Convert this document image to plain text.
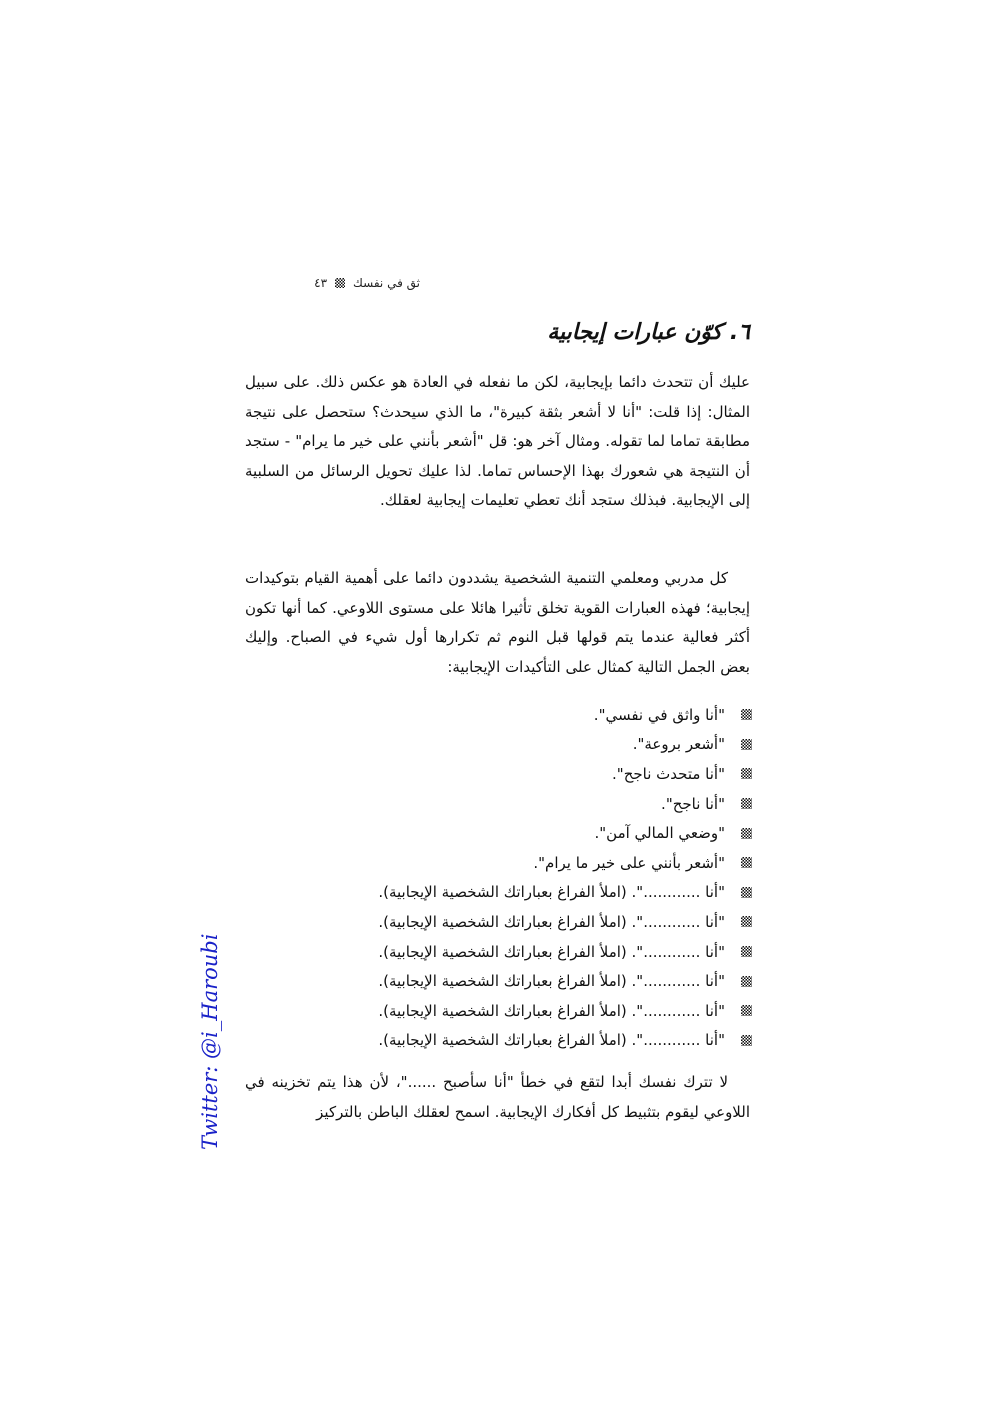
ثق في نفسك
٤٣
٦. كوّن عبارات إيجابية

عليك أن تتحدث دائما بإيجابية، لكن ما نفعله في العادة هو عكس ذلك. على سبيل المثال: إذا قلت: "أنا لا أشعر بثقة كبيرة"، ما الذي سيحدث؟ ستحصل على نتيجة مطابقة تماما لما تقوله. ومثال آخر هو: قل "أشعر بأنني على خير ما يرام" - ستجد أن النتيجة هي شعورك بهذا الإحساس تماما. لذا عليك تحويل الرسائل من السلبية إلى الإيجابية. فبذلك ستجد أنك تعطي تعليمات إيجابية لعقلك.

كل مدربي ومعلمي التنمية الشخصية يشددون دائما على أهمية القيام بتوكيدات إيجابية؛ فهذه العبارات القوية تخلق تأثيرا هائلا على مستوى اللاوعي. كما أنها تكون أكثر فعالية عندما يتم قولها قبل النوم ثم تكرارها أول شيء في الصباح. وإليك بعض الجمل التالية كمثال على التأكيدات الإيجابية:

"أنا واثق في نفسي".
"أشعر بروعة".
"أنا متحدث ناجح".
"أنا ناجح".
"وضعي المالي آمن".
"أشعر بأنني على خير ما يرام".
"أنا ............". (املأ الفراغ بعباراتك الشخصية الإيجابية).
"أنا ............". (املأ الفراغ بعباراتك الشخصية الإيجابية).
"أنا ............". (املأ الفراغ بعباراتك الشخصية الإيجابية).
"أنا ............". (املأ الفراغ بعباراتك الشخصية الإيجابية).
"أنا ............". (املأ الفراغ بعباراتك الشخصية الإيجابية).
"أنا ............". (املأ الفراغ بعباراتك الشخصية الإيجابية).

لا تترك نفسك أبدا لتقع في خطأ "أنا سأصبح ......"، لأن هذا يتم تخزينه في اللاوعي ليقوم بتثبيط كل أفكارك الإيجابية. اسمح لعقلك الباطن بالتركيز

Twitter: @i_Haroubi
